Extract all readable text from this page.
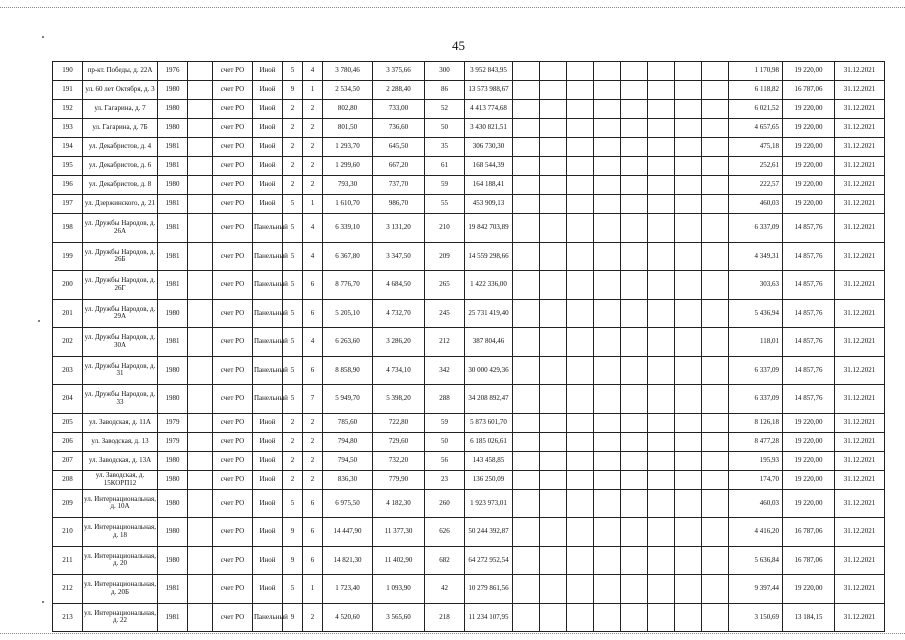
45
190	пр-кт. Победы, д. 22А	1976		счет РО	Иной	5	4	3 780,46	3 375,66	300	3 952 843,95									1 170,98	19 220,00	31.12.2021
191	ул. 60 лет Октября, д. 3	1980		счет РО	Иной	9	1	2 534,50	2 288,40	86	13 573 988,67									6 118,82	16 787,06	31.12.2021
192	ул. Гагарина, д. 7	1980		счет РО	Иной	2	2	802,80	733,00	52	4 413 774,68									6 021,52	19 220,00	31.12.2021
193	ул. Гагарина, д. 7Б	1980		счет РО	Иной	2	2	801,50	736,60	50	3 430 821,51									4 657,65	19 220,00	31.12.2021
194	ул. Декабристов, д. 4	1981		счет РО	Иной	2	2	1 293,70	645,50	35	306 730,30									475,18	19 220,00	31.12.2021
195	ул. Декабристов, д. 6	1981		счет РО	Иной	2	2	1 299,60	667,20	61	168 544,39									252,61	19 220,00	31.12.2021
196	ул. Декабристов, д. 8	1980		счет РО	Иной	2	2	793,30	737,70	59	164 188,41									222,57	19 220,00	31.12.2021
197	ул. Дзержинского, д. 21	1981		счет РО	Иной	5	1	1 610,70	986,70	55	453 909,13									460,03	19 220,00	31.12.2021
198	ул. Дружбы Народов, д. 26А	1981		счет РО	Панельный	5	4	6 339,10	3 131,20	210	19 842 703,89									6 337,09	14 857,76	31.12.2021
199	ул. Дружбы Народов, д. 26Б	1981		счет РО	Панельный	5	4	6 367,80	3 347,50	209	14 559 298,66									4 349,31	14 857,76	31.12.2021
200	ул. Дружбы Народов, д. 26Г	1981		счет РО	Панельный	5	6	8 776,70	4 684,50	265	1 422 336,00									303,63	14 857,76	31.12.2021
201	ул. Дружбы Народов, д. 29А	1980		счет РО	Панельный	5	6	5 205,10	4 732,70	245	25 731 419,40									5 436,94	14 857,76	31.12.2021
202	ул. Дружбы Народов, д. 30А	1981		счет РО	Панельный	5	4	6 263,60	3 286,20	212	387 804,46									118,01	14 857,76	31.12.2021
203	ул. Дружбы Народов, д. 31	1980		счет РО	Панельный	5	6	8 858,90	4 734,10	342	30 000 429,36									6 337,09	14 857,76	31.12.2021
204	ул. Дружбы Народов, д. 33	1980		счет РО	Панельный	5	7	5 949,70	5 398,20	288	34 208 892,47									6 337,09	14 857,76	31.12.2021
205	ул. Заводская, д. 11А	1979		счет РО	Иной	2	2	785,60	722,80	59	5 873 601,70									8 126,18	19 220,00	31.12.2021
206	ул. Заводская, д. 13	1979		счет РО	Иной	2	2	794,80	729,60	50	6 185 026,61									8 477,28	19 220,00	31.12.2021
207	ул. Заводская, д. 13А	1980		счет РО	Иной	2	2	794,50	732,20	56	143 458,85									195,93	19 220,00	31.12.2021
208	ул. Заводская, д. 15КОРП12	1980		счет РО	Иной	2	2	836,30	779,90	23	136 250,09									174,70	19 220,00	31.12.2021
209	ул. Интернациональная, д. 10А	1980		счет РО	Иной	5	6	6 975,50	4 182,30	260	1 923 973,01									460,03	19 220,00	31.12.2021
210	ул. Интернациональная, д. 18	1980		счет РО	Иной	9	6	14 447,90	11 377,30	626	50 244 392,87									4 416,20	16 787,06	31.12.2021
211	ул. Интернациональная, д. 20	1980		счет РО	Иной	9	6	14 821,30	11 402,90	682	64 272 952,54									5 636,84	16 787,06	31.12.2021
212	ул. Интернациональная, д. 20Б	1981		счет РО	Иной	5	1	1 723,40	1 093,90	42	10 279 861,56									9 397,44	19 220,00	31.12.2021
213	ул. Интернациональная, д. 22	1981		счет РО	Панельный	9	2	4 520,60	3 565,60	218	11 234 107,95									3 150,69	13 184,15	31.12.2021
